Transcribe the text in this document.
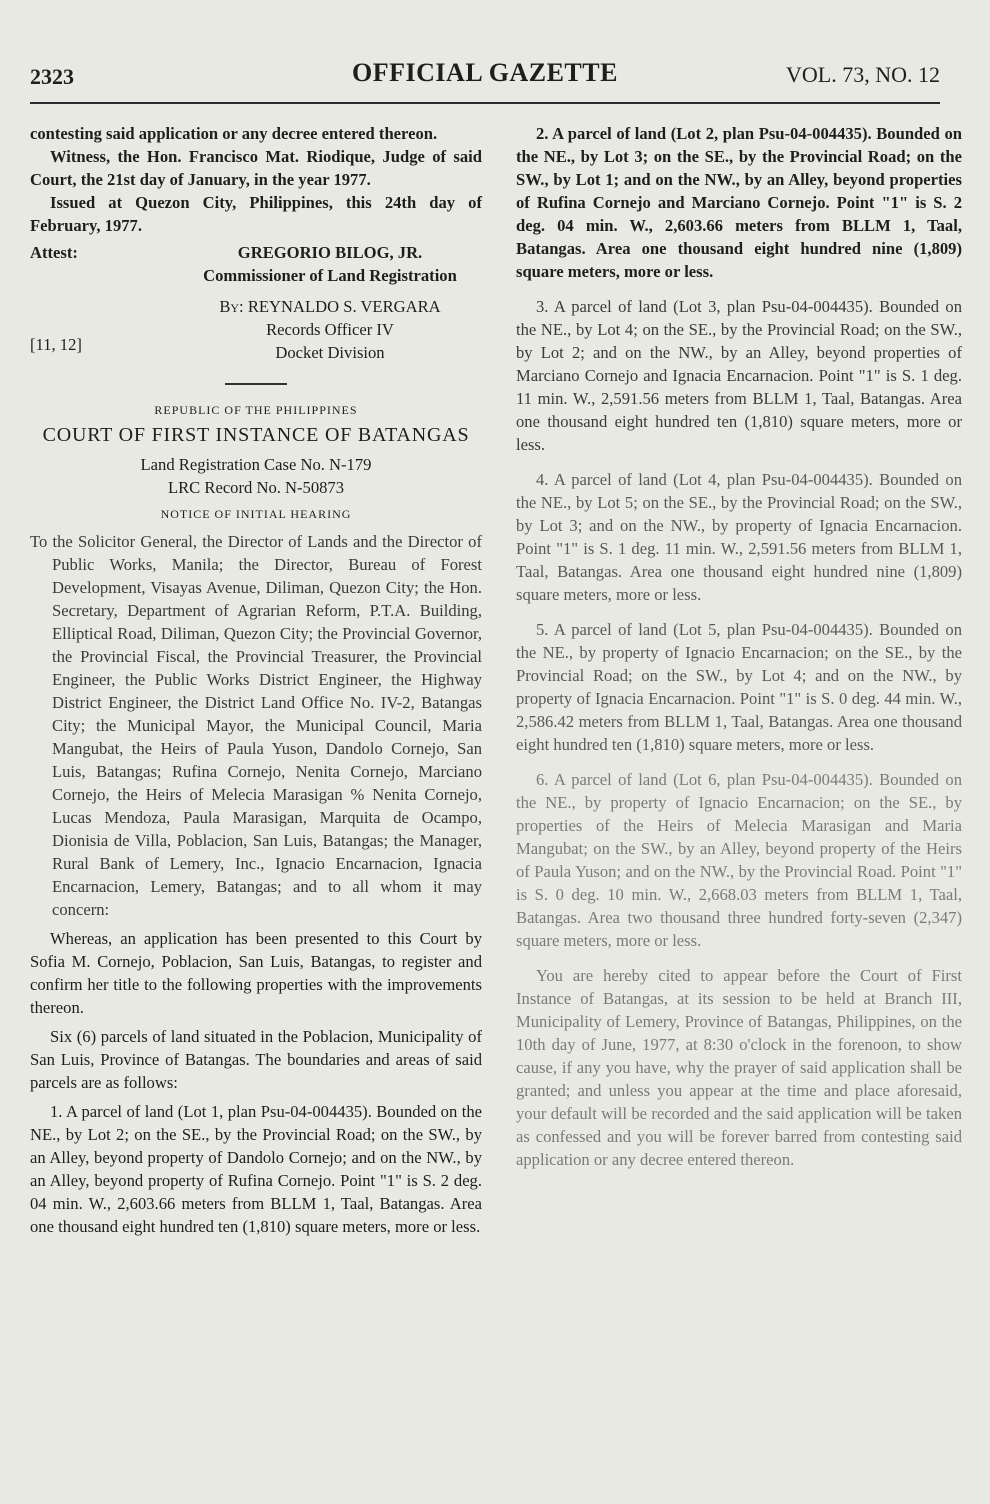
2323	OFFICIAL GAZETTE	VOL. 73, NO. 12

contesting said application or any decree entered thereon.

Witness, the Hon. Francisco Mat. Riodique, Judge of said Court, the 21st day of January, in the year 1977.

Issued at Quezon City, Philippines, this 24th day of February, 1977.

Attest:	GREGORIO BILOG, JR.
Commissioner of Land Registration
By: REYNALDO S. VERGARA
Records Officer IV
Docket Division
[11, 12]
REPUBLIC OF THE PHILIPPINES
COURT OF FIRST INSTANCE OF BATANGAS
Land Registration Case No. N-179
LRC Record No. N-50873
NOTICE OF INITIAL HEARING

To the Solicitor General, the Director of Lands and the Director of Public Works, Manila; the Director, Bureau of Forest Development, Visayas Avenue, Diliman, Quezon City; the Hon. Secretary, Department of Agrarian Reform, P.T.A. Building, Elliptical Road, Diliman, Quezon City; the Provincial Governor, the Provincial Fiscal, the Provincial Treasurer, the Provincial Engineer, the Public Works District Engineer, the Highway District Engineer, the District Land Office No. IV-2, Batangas City; the Municipal Mayor, the Municipal Council, Maria Mangubat, the Heirs of Paula Yuson, Dandolo Cornejo, San Luis, Batangas; Rufina Cornejo, Nenita Cornejo, Marciano Cornejo, the Heirs of Melecia Marasigan % Nenita Cornejo, Lucas Mendoza, Paula Marasigan, Marquita de Ocampo, Dionisia de Villa, Poblacion, San Luis, Batangas; the Manager, Rural Bank of Lemery, Inc., Ignacio Encarnacion, Ignacia Encarnacion, Lemery, Batangas; and to all whom it may concern:

Whereas, an application has been presented to this Court by Sofia M. Cornejo, Poblacion, San Luis, Batangas, to register and confirm her title to the following properties with the improvements thereon.

Six (6) parcels of land situated in the Poblacion, Municipality of San Luis, Province of Batangas. The boundaries and areas of said parcels are as follows:

1. A parcel of land (Lot 1, plan Psu-04-004435). Bounded on the NE., by Lot 2; on the SE., by the Provincial Road; on the SW., by an Alley, beyond property of Dandolo Cornejo; and on the NW., by an Alley, beyond property of Rufina Cornejo. Point "1" is S. 2 deg. 04 min. W., 2,603.66 meters from BLLM 1, Taal, Batangas. Area one thousand eight hundred ten (1,810) square meters, more or less.

2. A parcel of land (Lot 2, plan Psu-04-004435). Bounded on the NE., by Lot 3; on the SE., by the Provincial Road; on the SW., by Lot 1; and on the NW., by an Alley, beyond properties of Rufina Cornejo and Marciano Cornejo. Point "1" is S. 2 deg. 04 min. W., 2,603.66 meters from BLLM 1, Taal, Batangas. Area one thousand eight hundred nine (1,809) square meters, more or less.

3. A parcel of land (Lot 3, plan Psu-04-004435). Bounded on the NE., by Lot 4; on the SE., by the Provincial Road; on the SW., by Lot 2; and on the NW., by an Alley, beyond properties of Marciano Cornejo and Ignacia Encarnacion. Point "1" is S. 1 deg. 11 min. W., 2,591.56 meters from BLLM 1, Taal, Batangas. Area one thousand eight hundred ten (1,810) square meters, more or less.

4. A parcel of land (Lot 4, plan Psu-04-004435). Bounded on the NE., by Lot 5; on the SE., by the Provincial Road; on the SW., by Lot 3; and on the NW., by property of Ignacia Encarnacion. Point "1" is S. 1 deg. 11 min. W., 2,591.56 meters from BLLM 1, Taal, Batangas. Area one thousand eight hundred nine (1,809) square meters, more or less.

5. A parcel of land (Lot 5, plan Psu-04-004435). Bounded on the NE., by property of Ignacio Encarnacion; on the SE., by the Provincial Road; on the SW., by Lot 4; and on the NW., by property of Ignacia Encarnacion. Point "1" is S. 0 deg. 44 min. W., 2,586.42 meters from BLLM 1, Taal, Batangas. Area one thousand eight hundred ten (1,810) square meters, more or less.

6. A parcel of land (Lot 6, plan Psu-04-004435). Bounded on the NE., by property of Ignacio Encarnacion; on the SE., by properties of the Heirs of Melecia Marasigan and Maria Mangubat; on the SW., by an Alley, beyond property of the Heirs of Paula Yuson; and on the NW., by the Provincial Road. Point "1" is S. 0 deg. 10 min. W., 2,668.03 meters from BLLM 1, Taal, Batangas. Area two thousand three hundred forty-seven (2,347) square meters, more or less.

You are hereby cited to appear before the Court of First Instance of Batangas, at its session to be held at Branch III, Municipality of Lemery, Province of Batangas, Philippines, on the 10th day of June, 1977, at 8:30 o'clock in the forenoon, to show cause, if any you have, why the prayer of said application shall be granted; and unless you appear at the time and place aforesaid, your default will be recorded and the said application will be taken as confessed and you will be forever barred from contesting said application or any decree entered thereon.
